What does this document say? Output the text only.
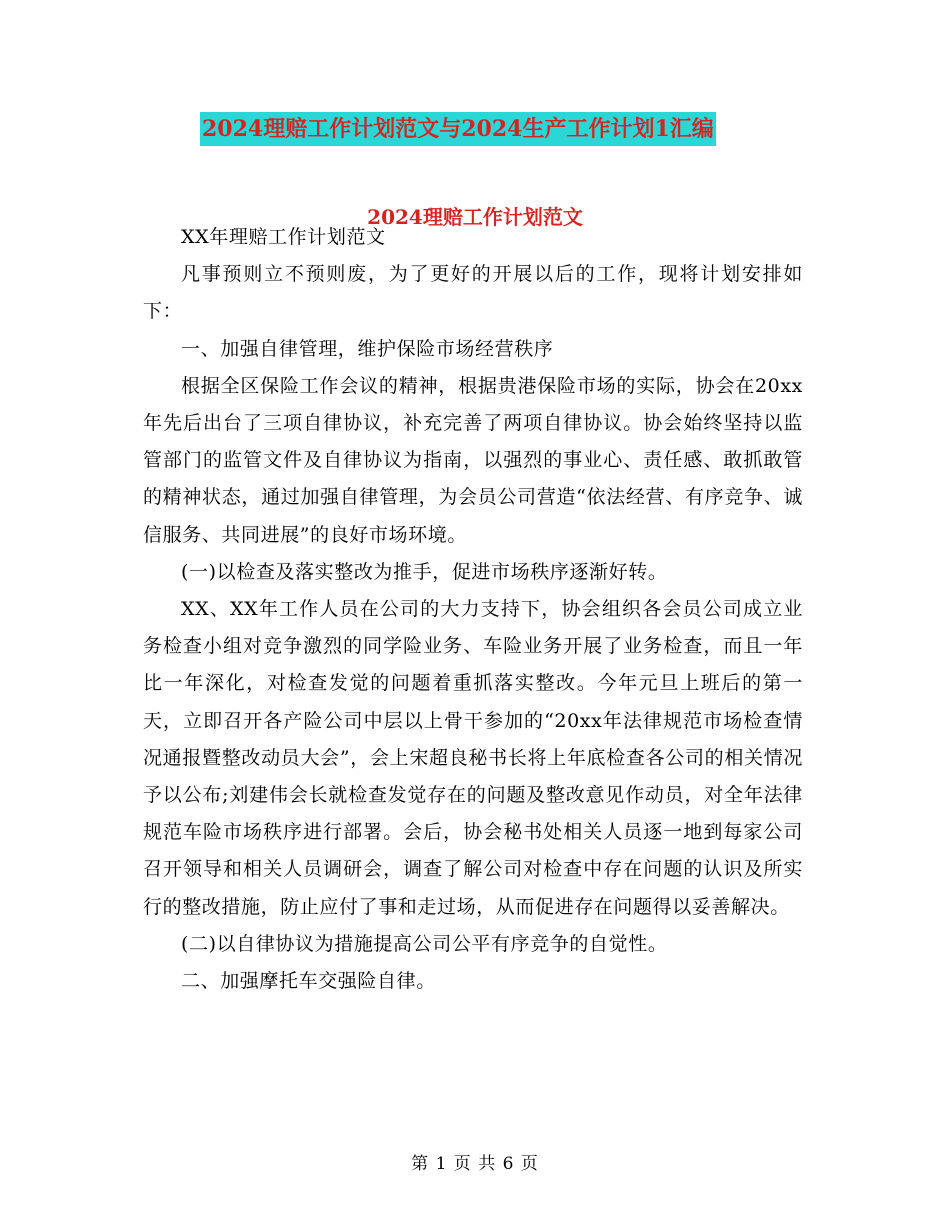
2024理赔工作计划范文与2024生产工作计划1汇编
2024理赔工作计划范文

XX年理赔工作计划范文

凡事预则立不预则废，为了更好的开展以后的工作，现将计划安排如下：

一、加强自律管理，维护保险市场经营秩序

根据全区保险工作会议的精神，根据贵港保险市场的实际，协会在20xx年先后出台了三项自律协议，补充完善了两项自律协议。协会始终坚持以监管部门的监管文件及自律协议为指南，以强烈的事业心、责任感、敢抓敢管的精神状态，通过加强自律管理，为会员公司营造“依法经营、有序竞争、诚信服务、共同进展”的良好市场环境。

(一)以检查及落实整改为推手，促进市场秩序逐渐好转。

XX、XX年工作人员在公司的大力支持下，协会组织各会员公司成立业务检查小组对竞争激烈的同学险业务、车险业务开展了业务检查，而且一年比一年深化，对检查发觉的问题着重抓落实整改。今年元旦上班后的第一天，立即召开各产险公司中层以上骨干参加的“20xx年法律规范市场检查情况通报暨整改动员大会”，会上宋超良秘书长将上年底检查各公司的相关情况予以公布;刘建伟会长就检查发觉存在的问题及整改意见作动员，对全年法律规范车险市场秩序进行部署。会后，协会秘书处相关人员逐一地到每家公司召开领导和相关人员调研会，调查了解公司对检查中存在问题的认识及所实行的整改措施，防止应付了事和走过场，从而促进存在问题得以妥善解决。

(二)以自律协议为措施提高公司公平有序竞争的自觉性。

二、加强摩托车交强险自律。

第 1 页 共 6 页
